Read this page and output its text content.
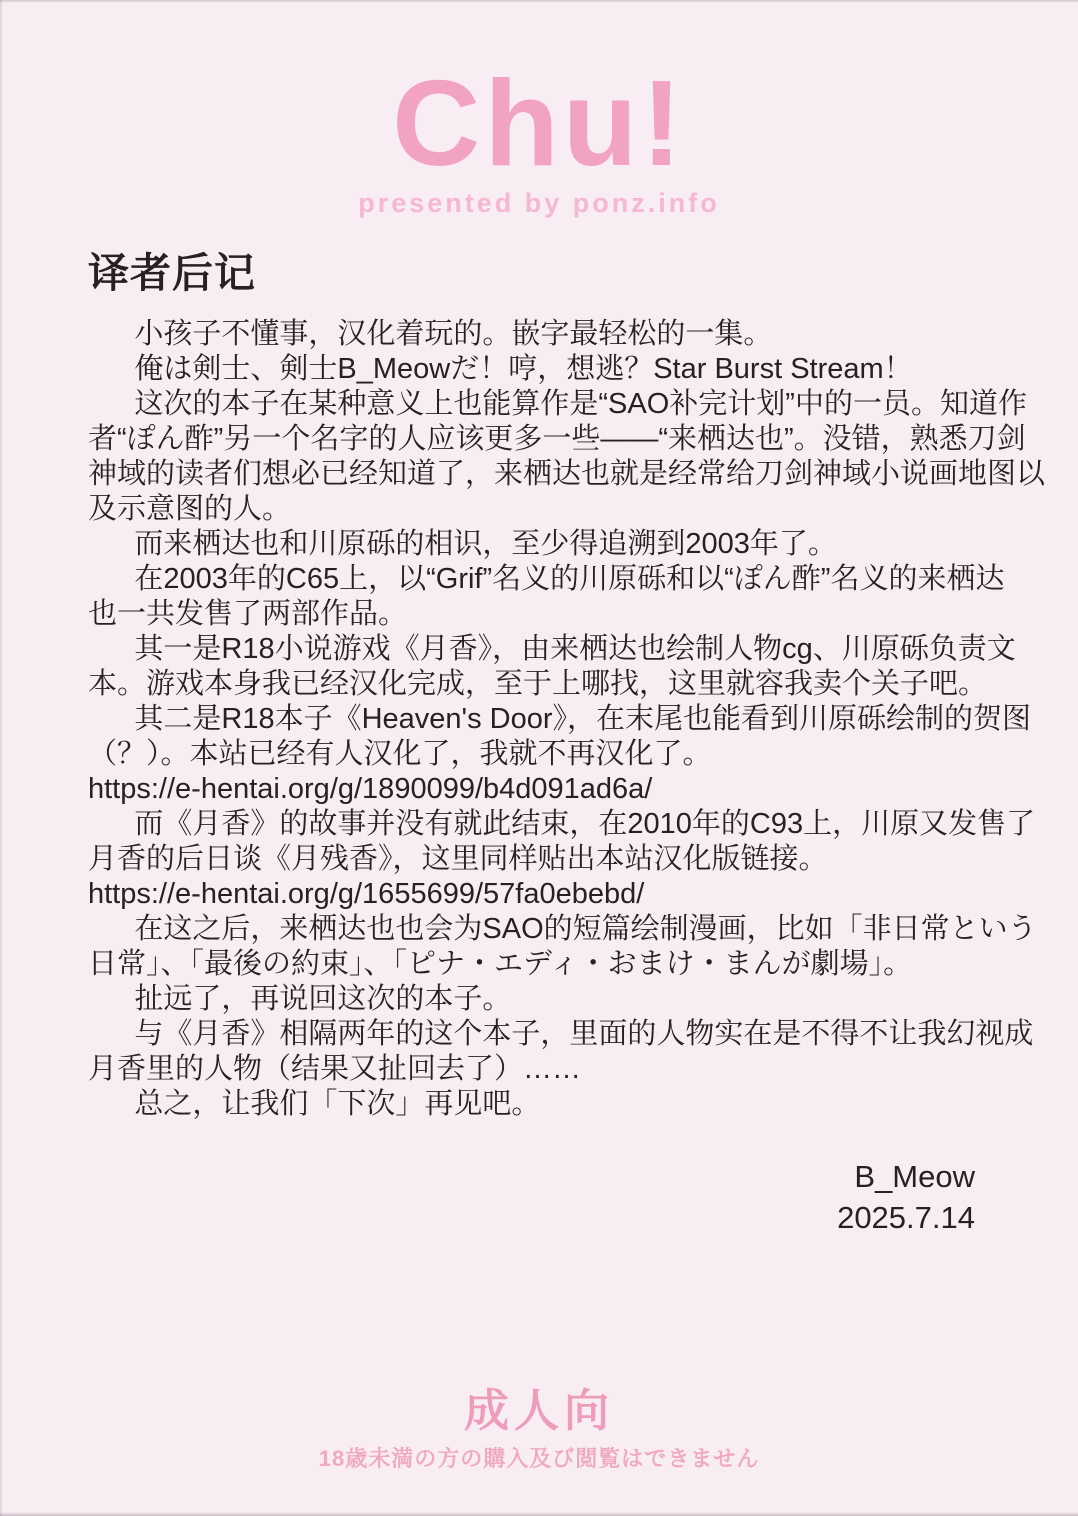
Chu!
presented by ponz.info
译者后记
小孩子不懂事，汉化着玩的。嵌字最轻松的一集。
俺は剣士、剣士B_Meowだ！哼，想逃？Star Burst Stream！
这次的本子在某种意义上也能算作是“SAO补完计划”中的一员。知道作
者“ぽん酢”另一个名字的人应该更多一些——“来栖达也”。没错，熟悉刀剑
神域的读者们想必已经知道了，来栖达也就是经常给刀剑神域小说画地图以
及示意图的人。
而来栖达也和川原砾的相识，至少得追溯到2003年了。
在2003年的C65上，以“Grif”名义的川原砾和以“ぽん酢”名义的来栖达
也一共发售了两部作品。
其一是R18小说游戏《月香》，由来栖达也绘制人物cg、川原砾负责文
本。游戏本身我已经汉化完成，至于上哪找，这里就容我卖个关子吧。
其二是R18本子《Heaven's Door》，在末尾也能看到川原砾绘制的贺图
（？）。本站已经有人汉化了，我就不再汉化了。
https://e-hentai.org/g/1890099/b4d091ad6a/
而《月香》的故事并没有就此结束，在2010年的C93上，川原又发售了
月香的后日谈《月残香》，这里同样贴出本站汉化版链接。
https://e-hentai.org/g/1655699/57fa0ebebd/
在这之后，来栖达也也会为SAO的短篇绘制漫画，比如「非日常という
日常」、「最後の約束」、「ピナ・エディ・おまけ・まんが劇場」。
扯远了，再说回这次的本子。
与《月香》相隔两年的这个本子，里面的人物实在是不得不让我幻视成
月香里的人物（结果又扯回去了）……
总之，让我们「下次」再见吧。
B_Meow
2025.7.14
成人向
18歳未満の方の購入及び閲覧はできません
